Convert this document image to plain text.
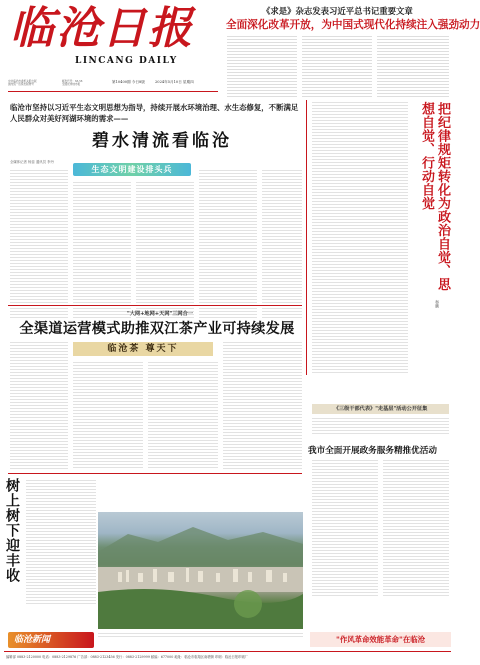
临沧日报
LINCANG DAILY
中共临沧市委机关报出版
国内统一连续出版物号
邮发代号：63-56
全国优秀地市报
第10400期 今日8版	2024年5月10日 星期四
《求是》杂志发表习近平总书记重要文章
全面深化改革开放，为中国式现代化持续注入强劲动力
临沧市坚持以习近平生态文明思想为指导，持续开展水环境治理、水生态修复，不断满足人民群众对美好河湖环境的需求——
碧水清流看临沧
全媒体记者 杨蕊 通讯员 李丹
生态文明建设排头兵	把纪律规矩转化为政治自觉、思想自觉、行动自觉
秦鹏
"大网+地网+天网"三网合一
全渠道运营模式助推双江茶产业可持续发展
临沧茶 尊天下
《三级干部代表》"走基层"活动公开征集
我市全面开展政务服务精推优活动
树上树下迎丰收
临沧新闻	"作风革命效能革命"在临沧
编辑部 0883-2120000 电话：0883-2129876 广告部：0883-2123456 发行：0883-2129999 邮编：677000 地址：临沧市临翔区南塘街 印刷：临沧日报印刷厂
